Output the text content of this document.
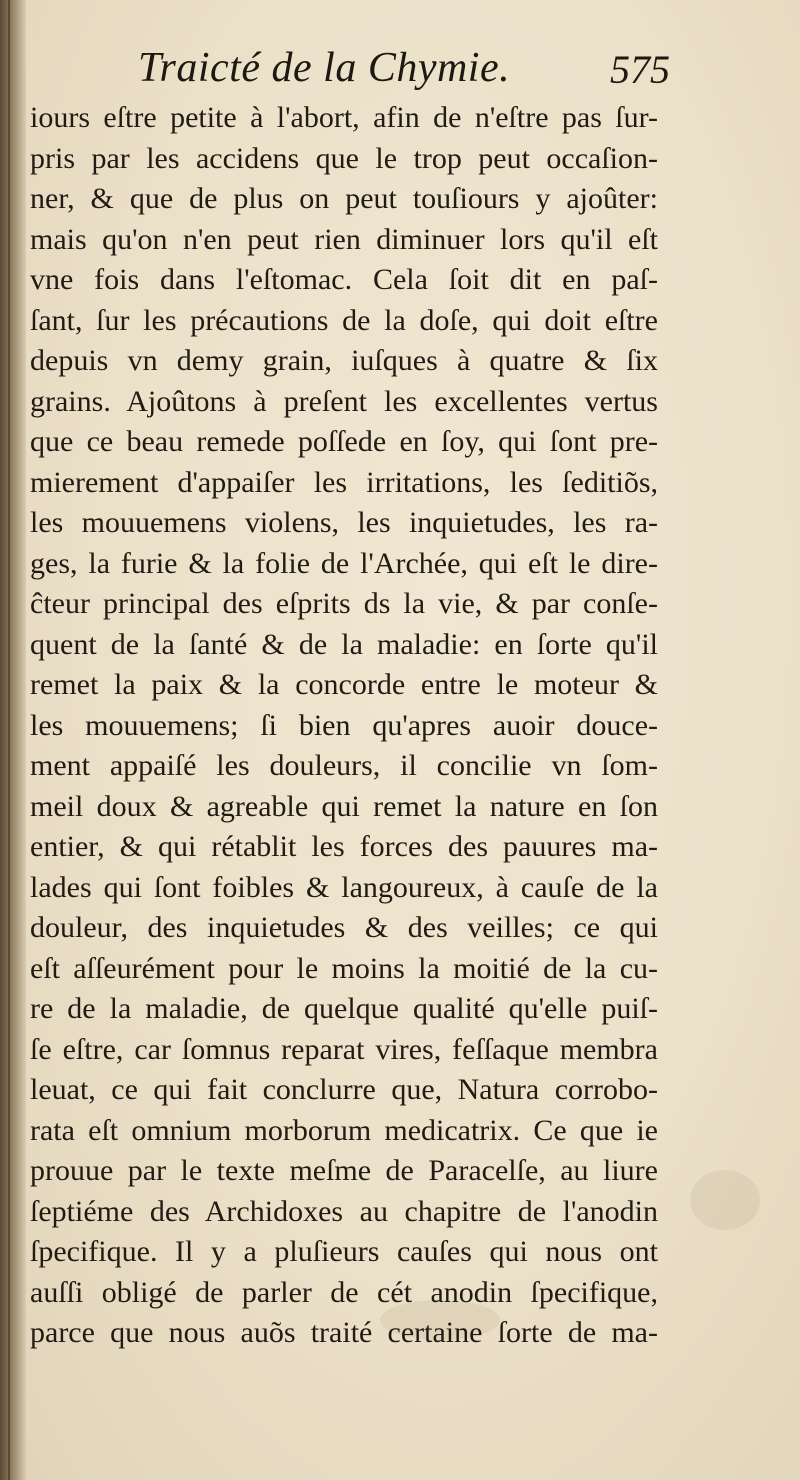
Traicté de la Chymie. 575
iours eſtre petite à l'abort, afin de n'eſtre pas ſur-
pris par les accidens que le trop peut occaſion-
ner, & que de plus on peut touſiours y ajoûter:
mais qu'on n'en peut rien diminuer lors qu'il eſt
vne fois dans l'eſtomac. Cela ſoit dit en paſ-
ſant, ſur les précautions de la doſe, qui doit eſtre
depuis vn demy grain, iuſques à quatre & ſix
grains. Ajoûtons à preſent les excellentes vertus
que ce beau remede poſſede en ſoy, qui ſont pre-
mierement d'appaiſer les irritations, les ſeditiõs,
les mouuemens violens, les inquietudes, les ra-
ges, la furie & la folie de l'Archée, qui eſt le dire-
ĉteur principal des eſprits ds la vie, & par conſe-
quent de la ſanté & de la maladie: en ſorte qu'il
remet la paix & la concorde entre le moteur &
les mouuemens; ſi bien qu'apres auoir douce-
ment appaiſé les douleurs, il concilie vn ſom-
meil doux & agreable qui remet la nature en ſon
entier, & qui rétablit les forces des pauures ma-
lades qui ſont foibles & langoureux, à cauſe de la
douleur, des inquietudes & des veilles; ce qui
eſt aſſeurément pour le moins la moitié de la cu-
re de la maladie, de quelque qualité qu'elle puiſ-
ſe eſtre, car ſomnus reparat vires, feſſaque membra
leuat, ce qui fait conclurre que, Natura corrobo-
rata eſt omnium morborum medicatrix. Ce que ie
prouue par le texte meſme de Paracelſe, au liure
ſeptiéme des Archidoxes au chapitre de l'anodin
ſpecifique. Il y a pluſieurs cauſes qui nous ont
auſſi obligé de parler de cét anodin ſpecifique,
parce que nous auõs traité certaine ſorte de ma-
